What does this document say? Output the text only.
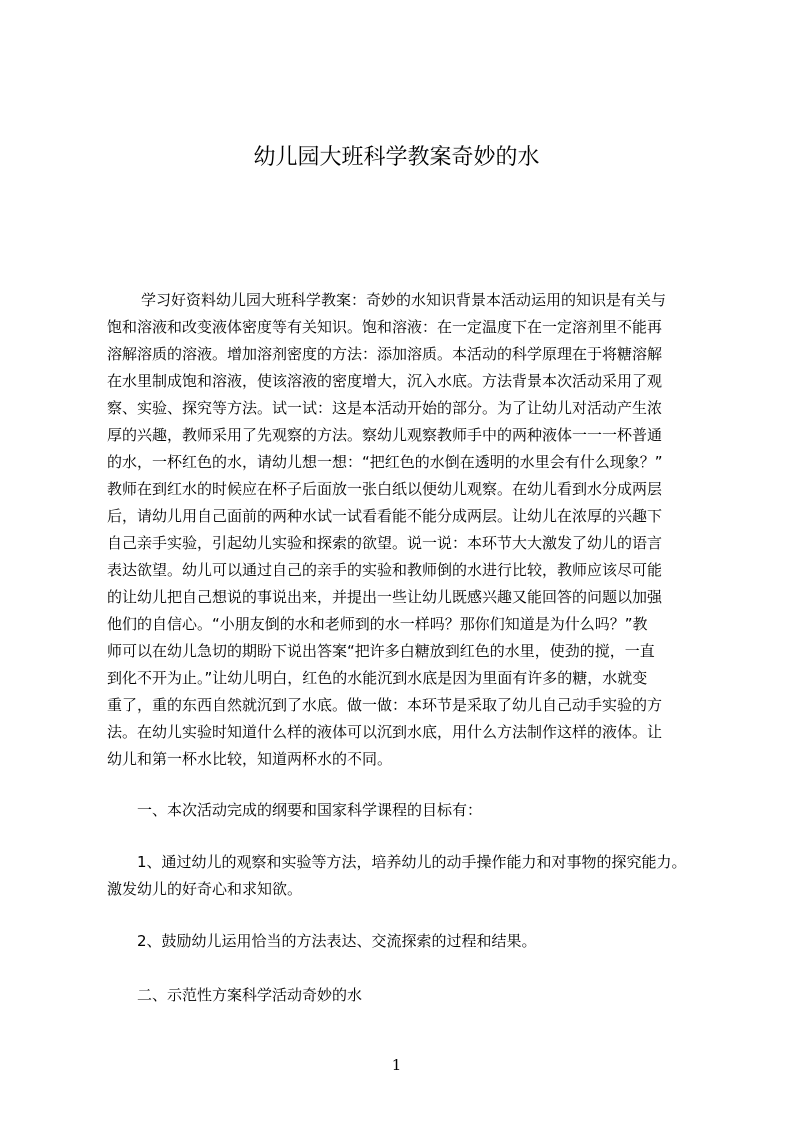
幼儿园大班科学教案奇妙的水

学习好资料幼儿园大班科学教案：奇妙的水知识背景本活动运用的知识是有关与

饱和溶液和改变液体密度等有关知识。饱和溶液：在一定温度下在一定溶剂里不能再

溶解溶质的溶液。增加溶剂密度的方法：添加溶质。本活动的科学原理在于将糖溶解

在水里制成饱和溶液，使该溶液的密度增大，沉入水底。方法背景本次活动采用了观

察、实验、探究等方法。试一试：这是本活动开始的部分。为了让幼儿对活动产生浓

厚的兴趣，教师采用了先观察的方法。察幼儿观察教师手中的两种液体一一一杯普通

的水，一杯红色的水，请幼儿想一想：“把红色的水倒在透明的水里会有什么现象？”

教师在到红水的时候应在杯子后面放一张白纸以便幼儿观察。在幼儿看到水分成两层

后，请幼儿用自己面前的两种水试一试看看能不能分成两层。让幼儿在浓厚的兴趣下

自己亲手实验，引起幼儿实验和探索的欲望。说一说：本环节大大激发了幼儿的语言

表达欲望。幼儿可以通过自己的亲手的实验和教师倒的水进行比较，教师应该尽可能

的让幼儿把自己想说的事说出来，并提出一些让幼儿既感兴趣又能回答的问题以加强

他们的自信心。“小朋友倒的水和老师到的水一样吗？那你们知道是为什么吗？”教

师可以在幼儿急切的期盼下说出答案“把许多白糖放到红色的水里，使劲的搅，一直

到化不开为止。”让幼儿明白，红色的水能沉到水底是因为里面有许多的糖，水就变

重了，重的东西自然就沉到了水底。做一做：本环节是采取了幼儿自己动手实验的方

法。在幼儿实验时知道什么样的液体可以沉到水底，用什么方法制作这样的液体。让

幼儿和第一杯水比较，知道两杯水的不同。

一、本次活动完成的纲要和国家科学课程的目标有：

1、通过幼儿的观察和实验等方法，培养幼儿的动手操作能力和对事物的探究能力。

激发幼儿的好奇心和求知欲。

2、鼓励幼儿运用恰当的方法表达、交流探索的过程和结果。

二、示范性方案科学活动奇妙的水

1
